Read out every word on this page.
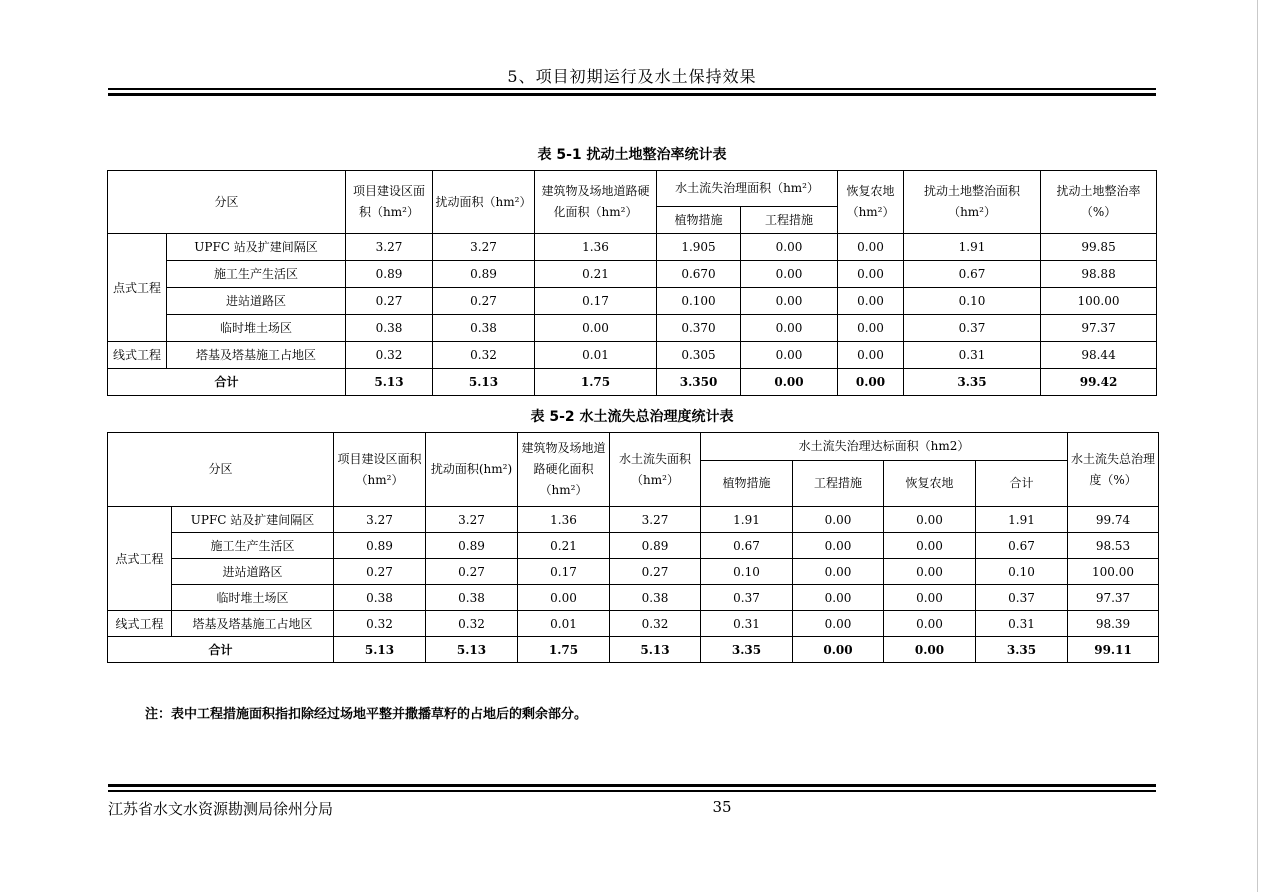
5、项目初期运行及水土保持效果
表 5-1 扰动土地整治率统计表
分区		项目建设区面积（hm²）	扰动面积（hm²）	建筑物及场地道路硬化面积（hm²）	水土流失治理面积（hm²）		恢复农地（hm²）	扰动土地整治面积（hm²）	扰动土地整治率（%）
					植物措施	工程措施			
点式工程	UPFC 站及扩建间隔区	3.27	3.27	1.36	1.905	0.00	0.00	1.91	99.85
	施工生产生活区	0.89	0.89	0.21	0.670	0.00	0.00	0.67	98.88
	进站道路区	0.27	0.27	0.17	0.100	0.00	0.00	0.10	100.00
	临时堆土场区	0.38	0.38	0.00	0.370	0.00	0.00	0.37	97.37
线式工程	塔基及塔基施工占地区	0.32	0.32	0.01	0.305	0.00	0.00	0.31	98.44
合计		5.13	5.13	1.75	3.350	0.00	0.00	3.35	99.42
表 5-2 水土流失总治理度统计表
分区		项目建设区面积（hm²）	扰动面积(hm²)	建筑物及场地道路硬化面积（hm²）	水土流失面积（hm²）	水土流失治理达标面积（hm2）				水土流失总治理度（%）
						植物措施	工程措施	恢复农地	合计	
点式工程	UPFC 站及扩建间隔区	3.27	3.27	1.36	3.27	1.91	0.00	0.00	1.91	99.74
	施工生产生活区	0.89	0.89	0.21	0.89	0.67	0.00	0.00	0.67	98.53
	进站道路区	0.27	0.27	0.17	0.27	0.10	0.00	0.00	0.10	100.00
	临时堆土场区	0.38	0.38	0.00	0.38	0.37	0.00	0.00	0.37	97.37
线式工程	塔基及塔基施工占地区	0.32	0.32	0.01	0.32	0.31	0.00	0.00	0.31	98.39
合计		5.13	5.13	1.75	5.13	3.35	0.00	0.00	3.35	99.11
注：表中工程措施面积指扣除经过场地平整并撒播草籽的占地后的剩余部分。
江苏省水文水资源勘测局徐州分局	35
